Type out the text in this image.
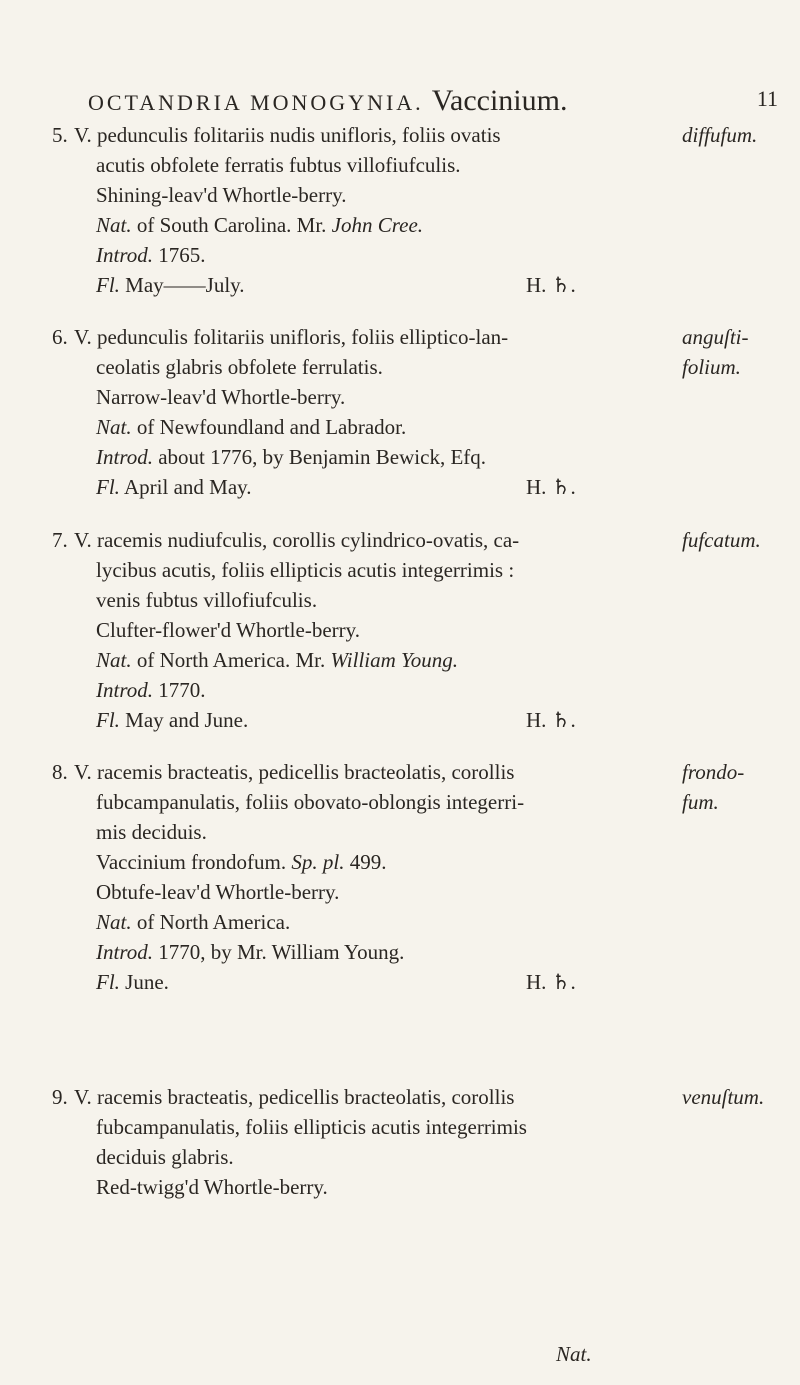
OCTANDRIA MONOGYNIA. Vaccinium.	11
5. V. pedunculis folitariis nudis unifloris, foliis ovatis

acutis obfolete ferratis fubtus villofiufculis.

Shining-leav'd Whortle-berry.

Nat. of South Carolina. Mr. John Cree.

Introd. 1765.

Fl. May——July.	H. ♄.

diffufum.
6. V. pedunculis folitariis unifloris, foliis elliptico-lan-

ceolatis glabris obfolete ferrulatis.

Narrow-leav'd Whortle-berry.

Nat. of Newfoundland and Labrador.

Introd. about 1776, by Benjamin Bewick, Efq.

Fl. April and May.	H. ♄.

anguſti-
folium.
7. V. racemis nudiufculis, corollis cylindrico-ovatis, ca-

lycibus acutis, foliis ellipticis acutis integerrimis :

venis fubtus villofiufculis.

Clufter-flower'd Whortle-berry.

Nat. of North America. Mr. William Young.

Introd. 1770.

Fl. May and June.	H. ♄.

fufcatum.
8. V. racemis bracteatis, pedicellis bracteolatis, corollis

fubcampanulatis, foliis obovato-oblongis integerri-

mis deciduis.

Vaccinium frondofum. Sp. pl. 499.

Obtufe-leav'd Whortle-berry.

Nat. of North America.

Introd. 1770, by Mr. William Young.

Fl. June.	H. ♄.

frondo-
fum.
9. V. racemis bracteatis, pedicellis bracteolatis, corollis

fubcampanulatis, foliis ellipticis acutis integerrimis

deciduis glabris.

Red-twigg'd Whortle-berry.

venuſtum.
Nat.
